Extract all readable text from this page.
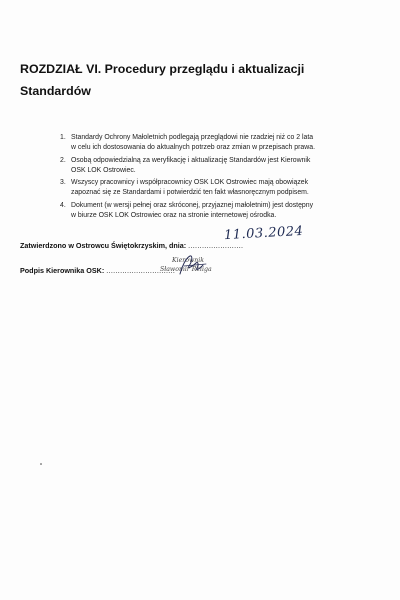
ROZDZIAŁ VI. Procedury przeglądu i aktualizacji
Standardów
1. Standardy Ochrony Małoletnich podlegają przeglądowi nie rzadziej niż co 2 lata
w celu ich dostosowania do aktualnych potrzeb oraz zmian w przepisach prawa.
2. Osobą odpowiedzialną za weryfikację i aktualizację Standardów jest Kierownik
OSK LOK Ostrowiec.
3. Wszyscy pracownicy i współpracownicy OSK LOK Ostrowiec mają obowiązek
zapoznać się ze Standardami i potwierdzić ten fakt własnoręcznym podpisem.
4. Dokument (w wersji pełnej oraz skróconej, przyjaznej małoletnim) jest dostępny
w biurze OSK LOK Ostrowiec oraz na stronie internetowej ośrodka.
Zatwierdzono w Ostrowcu Świętokrzyskim, dnia: ........................
11.03.2024
Podpis Kierownika OSK: ..............................
Kierownik
Sławomir Religa
